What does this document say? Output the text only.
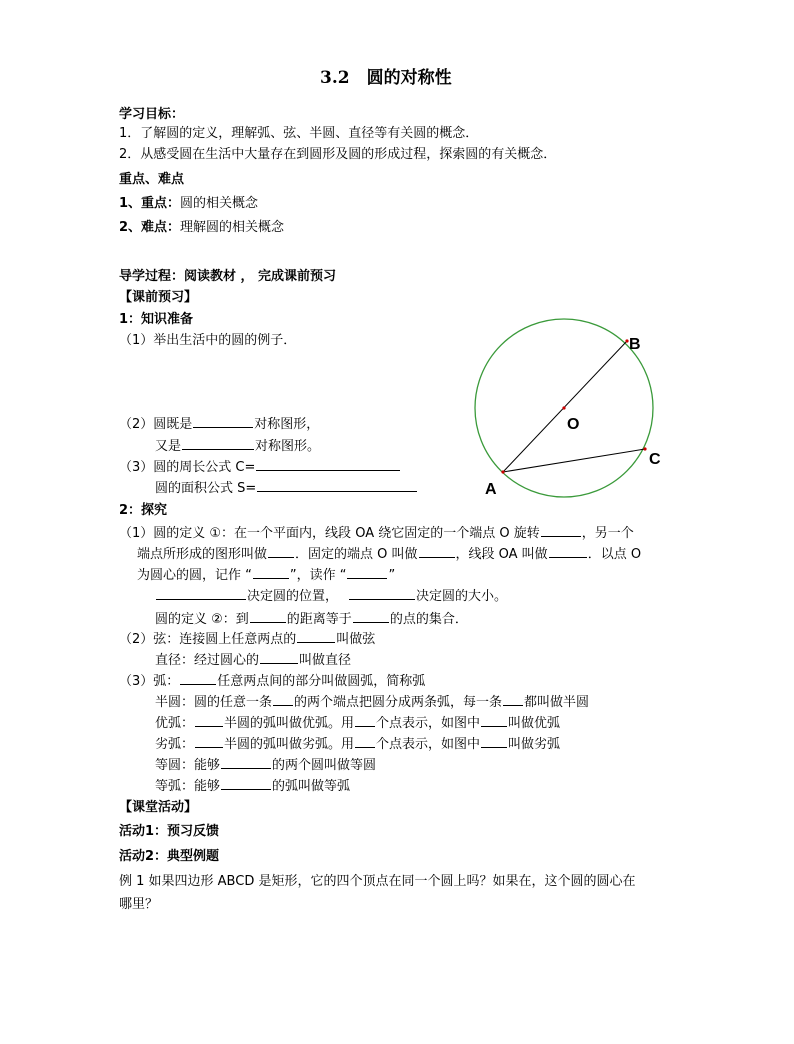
3.2　圆的对称性
学习目标：
1．了解圆的定义，理解弧、弦、半圆、直径等有关圆的概念．
2．从感受圆在生活中大量存在到圆形及圆的形成过程，探索圆的有关概念．
重点、难点
1、重点：圆的相关概念
2、难点：理解圆的相关概念
导学过程：阅读教材 ， 完成课前预习
【课前预习】
1：知识准备
（1）举出生活中的圆的例子．
（2）圆既是	对称图形，
又是	对称图形。
（3）圆的周长公式 C=
圆的面积公式 S=
B
O
C
A
2：探究
（1）圆的定义 ①：在一个平面内，线段 OA 绕它固定的一个端点 O 旋转	，另一个
端点所形成的图形叫做 ．固定的端点 O 叫做	，线段 OA 叫做	．以点 O
为圆心的圆，记作 “	”，读作 “	”
决定圆的位置，	决定圆的大小。
圆的定义 ②：到	的距离等于	的点的集合．
（2）弦：连接圆上任意两点的	叫做弦
直径：经过圆心的	叫做直径
（3）弧：	任意两点间的部分叫做圆弧，简称弧
半圆：圆的任意一条 的两个端点把圆分成两条弧，每一条 都叫做半圆
优弧： 半圆的弧叫做优弧。用 个点表示，如图中 叫做优弧
劣弧： 半圆的弧叫做劣弧。用 个点表示，如图中 叫做劣弧
等圆：能够	的两个圆叫做等圆
等弧：能够	的弧叫做等弧
【课堂活动】
活动1：预习反馈
活动2：典型例题
例 1 如果四边形 ABCD 是矩形，它的四个顶点在同一个圆上吗？如果在，这个圆的圆心在
哪里？
